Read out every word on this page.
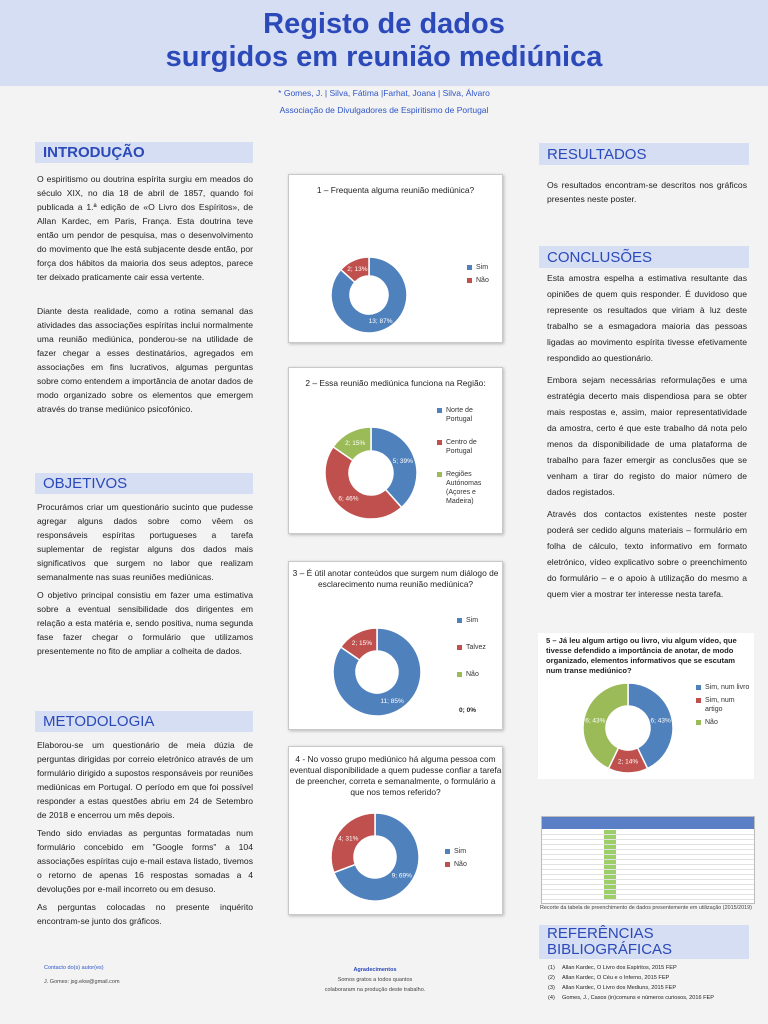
Registo de dados
surgidos em reunião mediúnica
* Gomes, J. | Silva, Fátima |Farhat, Joana | Silva, Álvaro
Associação de Divulgadores de Espiritismo de Portugal
INTRODUÇÃO

O espiritismo ou doutrina espírita surgiu em meados do século XIX, no dia 18 de abril de 1857, quando foi publicada a 1.ª edição de «O Livro dos Espíritos», de Allan Kardec, em Paris, França. Esta doutrina teve então um pendor de pesquisa, mas o desenvolvimento do movimento que lhe está subjacente desde então, por força dos hábitos da maioria dos seus adeptos, parece ter deixado praticamente cair essa vertente.

Diante desta realidade, como a rotina semanal das atividades das associações espíritas inclui normalmente uma reunião mediúnica, ponderou-se na utilidade de fazer chegar a esses destinatários, agregados em associações em fins lucrativos, algumas perguntas sobre como entendem a importância de anotar dados de modo organizado sobre os elementos que emergem através do transe mediúnico psicofónico.

OBJETIVOS

Procurámos criar um questionário sucinto que pudesse agregar alguns dados sobre como vêem os responsáveis espíritas portugueses a tarefa suplementar de registar alguns dos dados mais significativos que surgem no labor que realizam semanalmente nas suas reuniões mediúnicas.

O objetivo principal consistiu em fazer uma estimativa sobre a eventual sensibilidade dos dirigentes em relação a esta matéria e, sendo positiva, numa segunda fase fazer chegar o formulário que utilizamos presentemente no fito de ampliar a colheita de dados.

METODOLOGIA

Elaborou-se um questionário de meia dúzia de perguntas dirigidas por correio eletrónico através de um formulário dirigido a supostos responsáveis por reuniões mediúnicas em Portugal. O período em que foi possível responder a estas questões abriu em 24 de Setembro de 2018 e encerrou um mês depois.

Tendo sido enviadas as perguntas formatadas num formulário concebido em "Google forms" a 104 associações espíritas cujo e-mail estava listado, tivemos o retorno de apenas 16 respostas somadas a 4 devoluções por e-mail incorreto ou em desuso.

As perguntas colocadas no presente inquérito encontram-se junto dos gráficos.

Contacto do(s) autor(es)
J. Gomes: jsg.ekw@gmail.com
Agradecimentos
Somos gratos a todos quantos
colaboraram na produção deste trabalho.
1 – Frequenta alguma reunião mediúnica?
13; 87%
2; 13%	Sim
Não
2 – Essa reunião mediúnica funciona na Região:
5; 39%
6; 46%
2; 15%
Norte de Portugal
Centro de Portugal
Regiões Autónomas (Açores e Madeira)
3 – É útil anotar conteúdos que surgem num diálogo de esclarecimento numa reunião mediúnica?
11; 85%
2; 15%
0; 0%
Sim
Talvez
Não
4 - No vosso grupo mediúnico há alguma pessoa com eventual disponibilidade a quem pudesse confiar a tarefa de preencher, correta e semanalmente, o formulário a que nos temos referido?
9; 69%
4; 31%
Sim
Não
RESULTADOS

Os resultados encontram-se descritos nos gráficos presentes neste poster.

CONCLUSÕES

Esta amostra espelha a estimativa resultante das opiniões de quem quis responder. É duvidoso que represente os resultados que viriam à luz deste trabalho se a esmagadora maioria das pessoas ligadas ao movimento espírita tivesse efetivamente respondido ao questionário.

Embora sejam necessárias reformulações e uma estratégia decerto mais dispendiosa para se obter mais respostas e, assim, maior representatividade da amostra, certo é que este trabalho dá nota pelo menos da disponibilidade de uma plataforma de trabalho para fazer emergir as conclusões que se venham a tirar do registo do maior número de dados registados.

Através dos contactos existentes neste poster poderá ser cedido alguns materiais – formulário em folha de cálculo, texto informativo em formato eletrónico, vídeo explicativo sobre o preenchimento do formulário – e o apoio à utilização do mesmo a quem vier a mostrar ter interesse nesta tarefa.

5 – Já leu algum artigo ou livro, viu algum vídeo, que tivesse defendido a importância de anotar, de modo organizado, elementos informativos que se escutam num transe mediúnico?
6; 43%
2; 14%
6; 43%
Sim, num livro
Sim, num artigo
Não
Recorte da tabela de preenchimento de dados presentemente em utilização (2015/2019)
REFERÊNCIAS
BIBLIOGRÁFICAS
(1) Allan Kardec, O Livro dos Espíritos, 2015 FEP
(2) Allan Kardec, O Céu e o Inferno, 2015 FEP
(3) Allan Kardec, O Livro dos Mediuns, 2015 FEP
(4) Gomes, J., Casos (in)comuns e números curiosos, 2016 FEP
